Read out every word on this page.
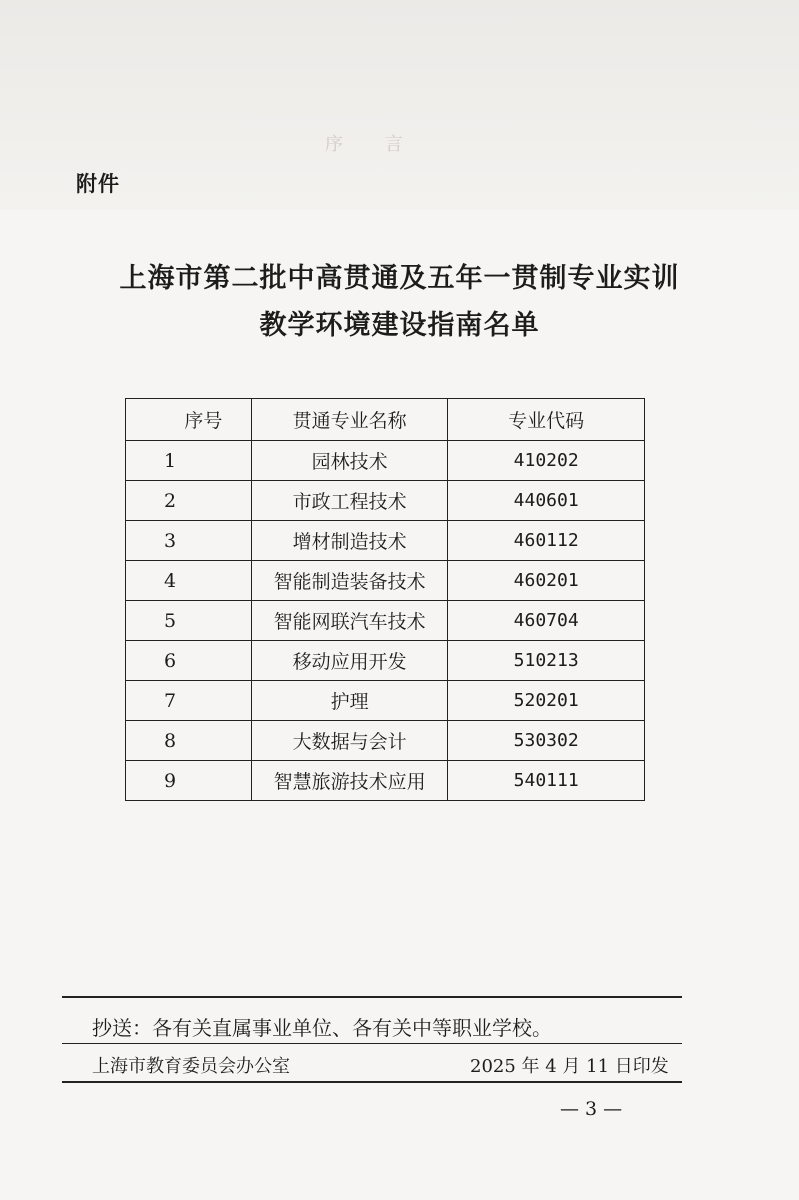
序 言
附件
上海市第二批中高贯通及五年一贯制专业实训
教学环境建设指南名单
序号	贯通专业名称	专业代码
1	园林技术	410202
2	市政工程技术	440601
3	增材制造技术	460112
4	智能制造装备技术	460201
5	智能网联汽车技术	460704
6	移动应用开发	510213
7	护理	520201
8	大数据与会计	530302
9	智慧旅游技术应用	540111
抄送：各有关直属事业单位、各有关中等职业学校。
上海市教育委员会办公室	2025 年 4 月 11 日印发
— 3 —
